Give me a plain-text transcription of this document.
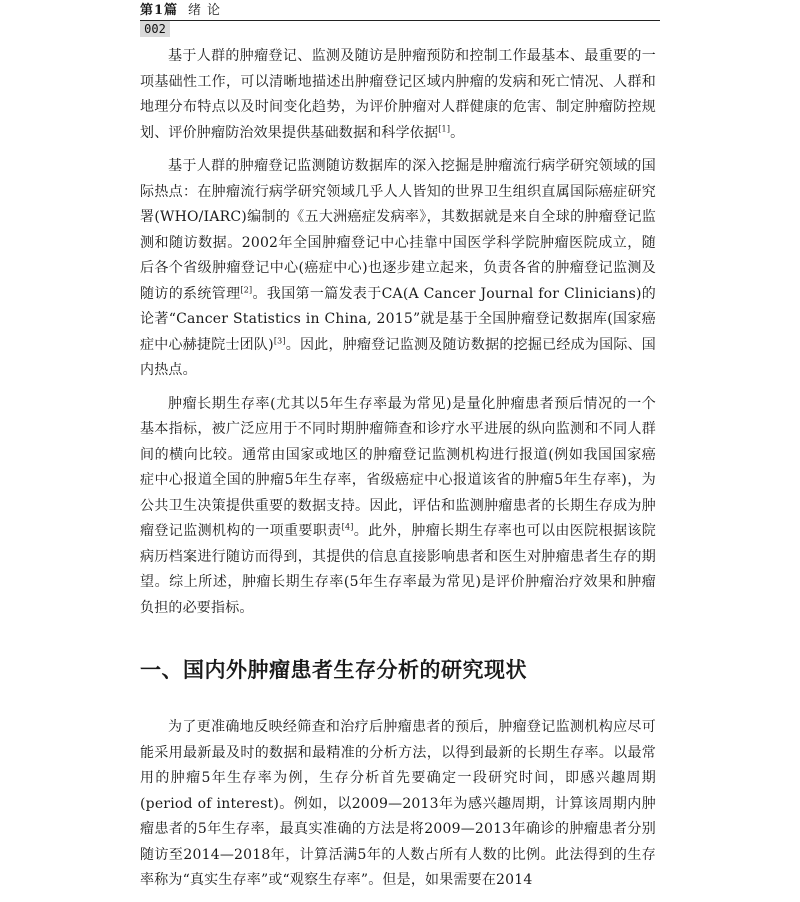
第1篇 绪论
002

基于人群的肿瘤登记、监测及随访是肿瘤预防和控制工作最基本、最重要的一项基础性工作，可以清晰地描述出肿瘤登记区域内肿瘤的发病和死亡情况、人群和地理分布特点以及时间变化趋势，为评价肿瘤对人群健康的危害、制定肿瘤防控规划、评价肿瘤防治效果提供基础数据和科学依据[1]。

基于人群的肿瘤登记监测随访数据库的深入挖掘是肿瘤流行病学研究领域的国际热点：在肿瘤流行病学研究领域几乎人人皆知的世界卫生组织直属国际癌症研究署(WHO/IARC)编制的《五大洲癌症发病率》，其数据就是来自全球的肿瘤登记监测和随访数据。2002年全国肿瘤登记中心挂靠中国医学科学院肿瘤医院成立，随后各个省级肿瘤登记中心(癌症中心)也逐步建立起来，负责各省的肿瘤登记监测及随访的系统管理[2]。我国第一篇发表于CA(A Cancer Journal for Clinicians)的论著“Cancer Statistics in China, 2015”就是基于全国肿瘤登记数据库(国家癌症中心赫捷院士团队)[3]。因此，肿瘤登记监测及随访数据的挖掘已经成为国际、国内热点。

肿瘤长期生存率(尤其以5年生存率最为常见)是量化肿瘤患者预后情况的一个基本指标，被广泛应用于不同时期肿瘤筛查和诊疗水平进展的纵向监测和不同人群间的横向比较。通常由国家或地区的肿瘤登记监测机构进行报道(例如我国国家癌症中心报道全国的肿瘤5年生存率，省级癌症中心报道该省的肿瘤5年生存率)，为公共卫生决策提供重要的数据支持。因此，评估和监测肿瘤患者的长期生存成为肿瘤登记监测机构的一项重要职责[4]。此外，肿瘤长期生存率也可以由医院根据该院病历档案进行随访而得到，其提供的信息直接影响患者和医生对肿瘤患者生存的期望。综上所述，肿瘤长期生存率(5年生存率最为常见)是评价肿瘤治疗效果和肿瘤负担的必要指标。

一、国内外肿瘤患者生存分析的研究现状

为了更准确地反映经筛查和治疗后肿瘤患者的预后，肿瘤登记监测机构应尽可能采用最新最及时的数据和最精准的分析方法，以得到最新的长期生存率。以最常用的肿瘤5年生存率为例，生存分析首先要确定一段研究时间，即感兴趣周期(period of interest)。例如，以2009—2013年为感兴趣周期，计算该周期内肿瘤患者的5年生存率，最真实准确的方法是将2009—2013年确诊的肿瘤患者分别随访至2014—2018年，计算活满5年的人数占所有人数的比例。此法得到的生存率称为“真实生存率”或“观察生存率”。但是，如果需要在2014
